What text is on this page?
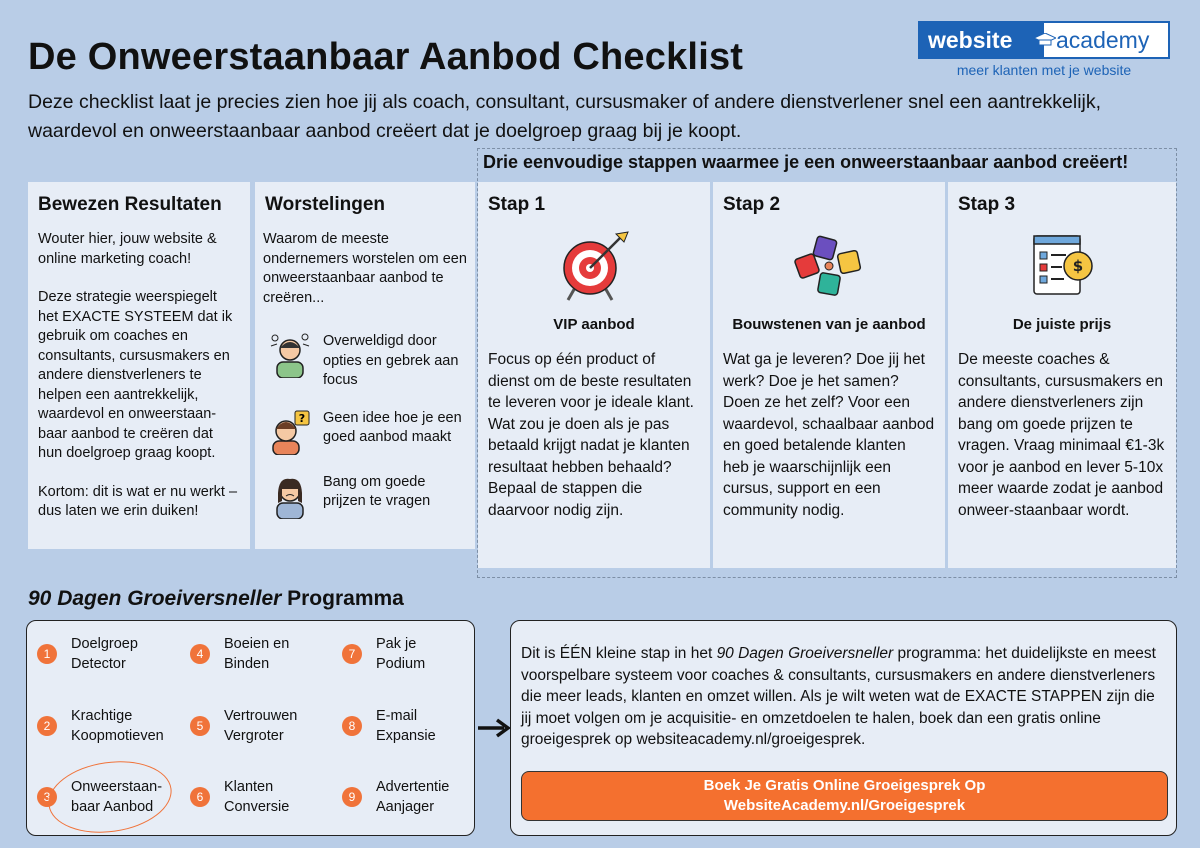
De Onweerstaanbaar Aanbod Checklist
Deze checklist laat je precies zien hoe jij als coach, consultant, cursusmaker of andere dienstverlener snel een aantrekkelijk, waardevol en onweerstaanbaar aanbod creëert dat je doelgroep graag bij je koopt.
website	academy
meer klanten met je website
Drie eenvoudige stappen waarmee je een onweerstaanbaar aanbod creëert!
Bewezen Resultaten

Wouter hier, jouw website & online marketing coach!

Deze strategie weerspiegelt het EXACTE SYSTEEM dat ik gebruik om coaches en consultants, cursusmakers en andere dienstverleners te helpen een aantrekkelijk, waardevol en onweerstaan-baar aanbod te creëren dat hun doelgroep graag koopt.

Kortom: dit is wat er nu werkt – dus laten we erin duiken!

Worstelingen

Waarom de meeste ondernemers worstelen om een onweerstaanbaar aanbod te creëren...

Overweldigd door opties en gebrek aan focus
? Geen idee hoe je een goed aanbod maakt
Bang om goede prijzen te vragen
Stap 1
VIP aanbod

Focus op één product of dienst om de beste resultaten te leveren voor je ideale klant. Wat zou je doen als je pas betaald krijgt nadat je klanten resultaat hebben behaald? Bepaal de stappen die daarvoor nodig zijn.

Stap 2
Bouwstenen van je aanbod

Wat ga je leveren? Doe jij het werk? Doe je het samen? Doen ze het zelf? Voor een waardevol, schaalbaar aanbod en goed betalende klanten heb je waarschijnlijk een cursus, support en een community nodig.

Stap 3
$
De juiste prijs

De meeste coaches & consultants, cursusmakers en andere dienstverleners zijn bang om goede prijzen te vragen. Vraag minimaal €1-3k voor je aanbod en lever 5-10x meer waarde zodat je aanbod onweer-staanbaar wordt.

90 Dagen Groeiversneller Programma
1
Doelgroep Detector
2
Krachtige Koopmotieven
3
Onweerstaan-baar Aanbod
4
Boeien en Binden
5
Vertrouwen Vergroter
6
Klanten Conversie
7
Pak je Podium
8
E-mail Expansie
9
Advertentie Aanjager

Dit is ÉÉN kleine stap in het 90 Dagen Groeiversneller programma: het duidelijkste en meest voorspelbare systeem voor coaches & consultants, cursusmakers en andere dienstverleners die meer leads, klanten en omzet willen. Als je wilt weten wat de EXACTE STAPPEN zijn die jij moet volgen om je acquisitie- en omzetdoelen te halen, boek dan een gratis online groeigesprek op websiteacademy.nl/groeigesprek.

Boek Je Gratis Online Groeigesprek Op
WebsiteAcademy.nl/Groeigesprek
